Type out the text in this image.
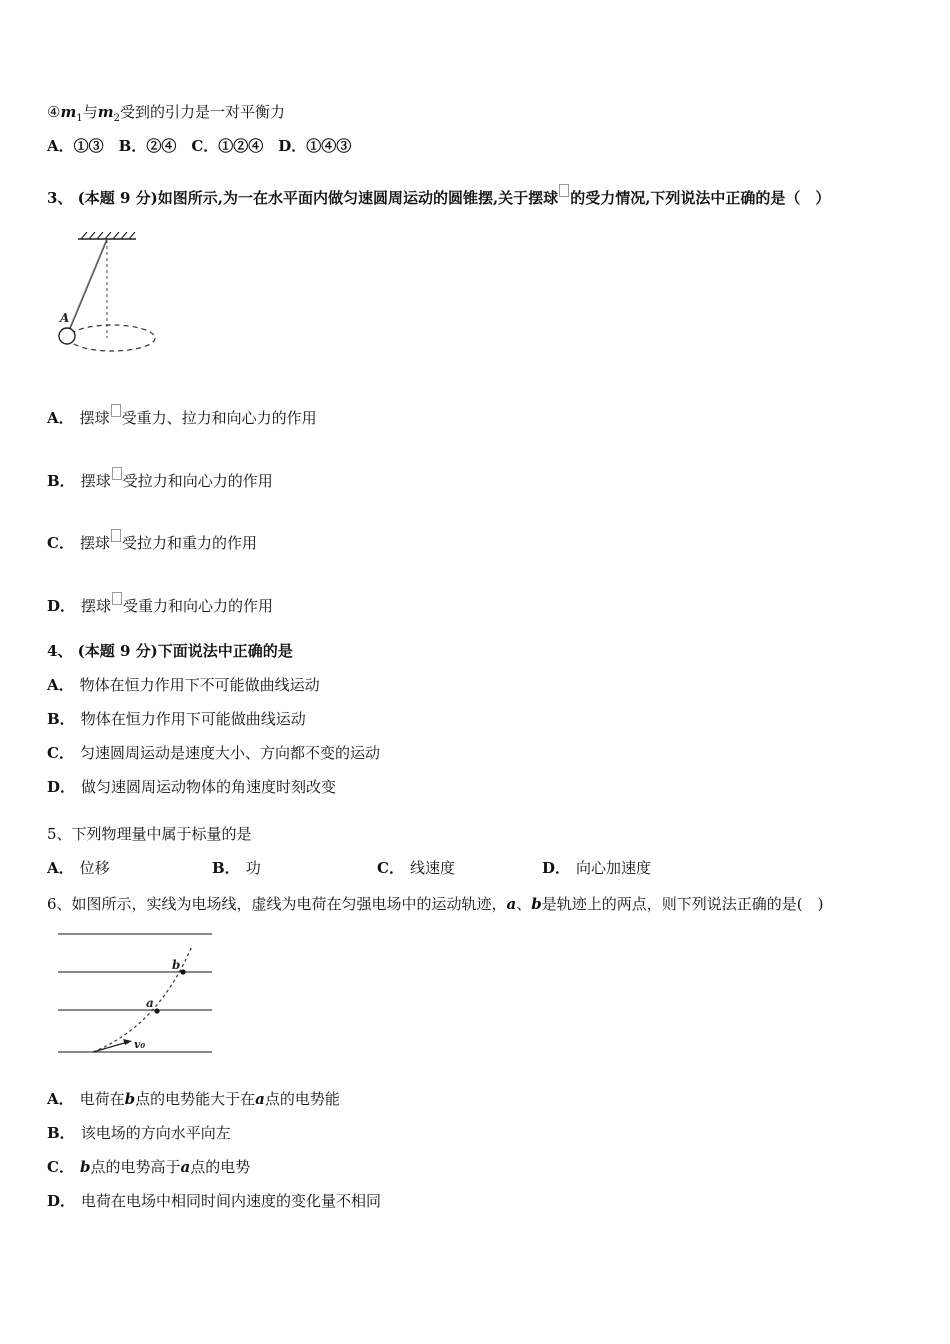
$④m_1$与$m_2$受到的引力是一对平衡力
A．①③　B．②④　C．①②④　D．①④③
3、 (本题 9 分)如图所示,为一在水平面内做匀速圆周运动的圆锥摆,关于摆球 的受力情况,下列说法中正确的是（　）
A
A． 摆球 受重力、拉力和向心力的作用
B． 摆球 受拉力和向心力的作用
C． 摆球 受拉力和重力的作用
D． 摆球 受重力和向心力的作用
4、 (本题 9 分)下面说法中正确的是
A． 物体在恒力作用下不可能做曲线运动
B． 物体在恒力作用下可能做曲线运动
C． 匀速圆周运动是速度大小、方向都不变的运动
D． 做匀速圆周运动物体的角速度时刻改变
5、下列物理量中属于标量的是
A． 位移	B． 功	C． 线速度	D． 向心加速度
6、如图所示，实线为电场线，虚线为电荷在匀强电场中的运动轨迹，a、b是轨迹上的两点，则下列说法正确的是(　)
b
a
v₀
A． 电荷在b点的电势能大于在a点的电势能
B． 该电场的方向水平向左
C． b点的电势高于a点的电势
D． 电荷在电场中相同时间内速度的变化量不相同
